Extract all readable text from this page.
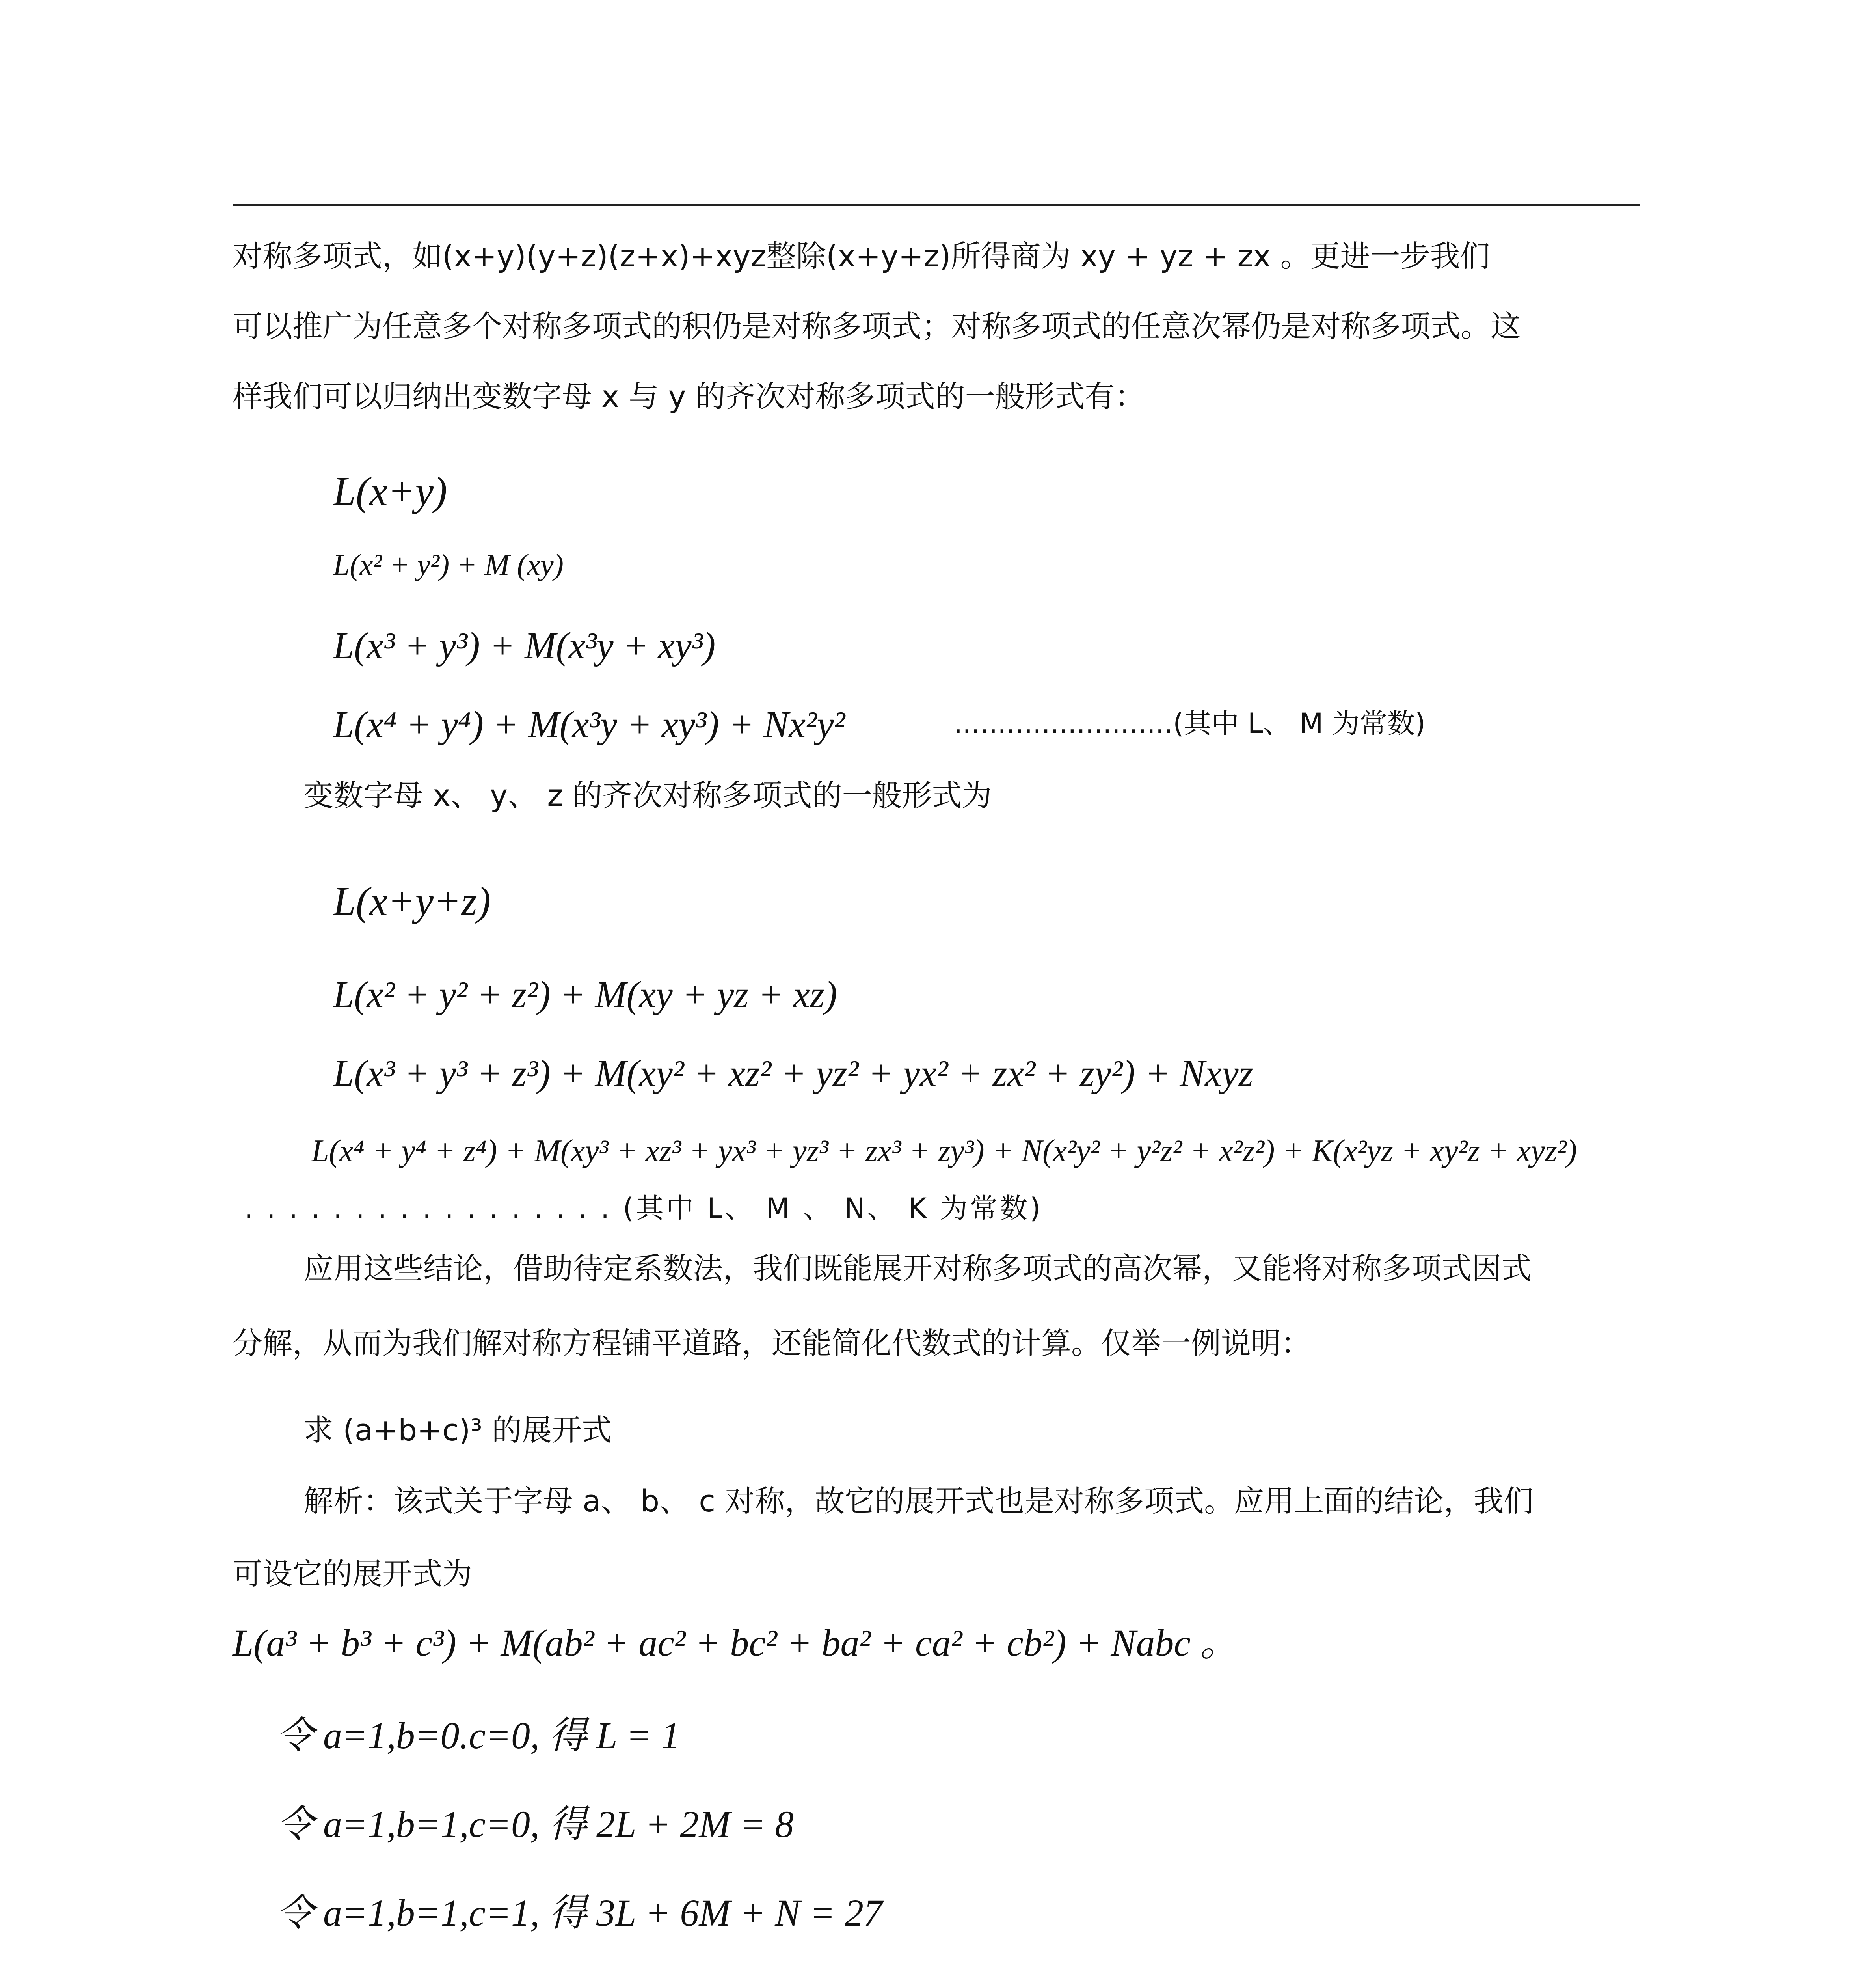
对称多项式，如(x+y)(y+z)(z+x)+xyz整除(x+y+z)所得商为 xy + yz + zx 。更进一步我们
可以推广为任意多个对称多项式的积仍是对称多项式；对称多项式的任意次幂仍是对称多项式。这
样我们可以归纳出变数字母 x 与 y 的齐次对称多项式的一般形式有：
L(x+y)
L(x² + y²) + M (xy)
L(x³ + y³) + M(x³y + xy³)
L(x⁴ + y⁴) + M(x³y + xy³) + Nx²y²	.........................(其中 L、 M 为常数)
变数字母 x、 y、 z 的齐次对称多项式的一般形式为
L(x+y+z)
L(x² + y² + z²) + M(xy + yz + xz)
L(x³ + y³ + z³) + M(xy² + xz² + yz² + yx² + zx² + zy²) + Nxyz
L(x⁴ + y⁴ + z⁴) + M(xy³ + xz³ + yx³ + yz³ + zx³ + zy³) + N(x²y² + y²z² + x²z²) + K(x²yz + xy²z + xyz²)
. . . . . . . . . . . . . . . . . (其中 L、 M 、 N、 K 为常数)
应用这些结论，借助待定系数法，我们既能展开对称多项式的高次幂，又能将对称多项式因式
分解，从而为我们解对称方程铺平道路，还能简化代数式的计算。仅举一例说明：
求 (a+b+c)³ 的展开式
解析：该式关于字母 a、 b、 c 对称，故它的展开式也是对称多项式。应用上面的结论，我们
可设它的展开式为
L(a³ + b³ + c³) + M(ab² + ac² + bc² + ba² + ca² + cb²) + Nabc 。
令 a=1,b=0.c=0, 得 L = 1
令 a=1,b=1,c=0, 得 2L + 2M = 8
令 a=1,b=1,c=1, 得 3L + 6M + N = 27
